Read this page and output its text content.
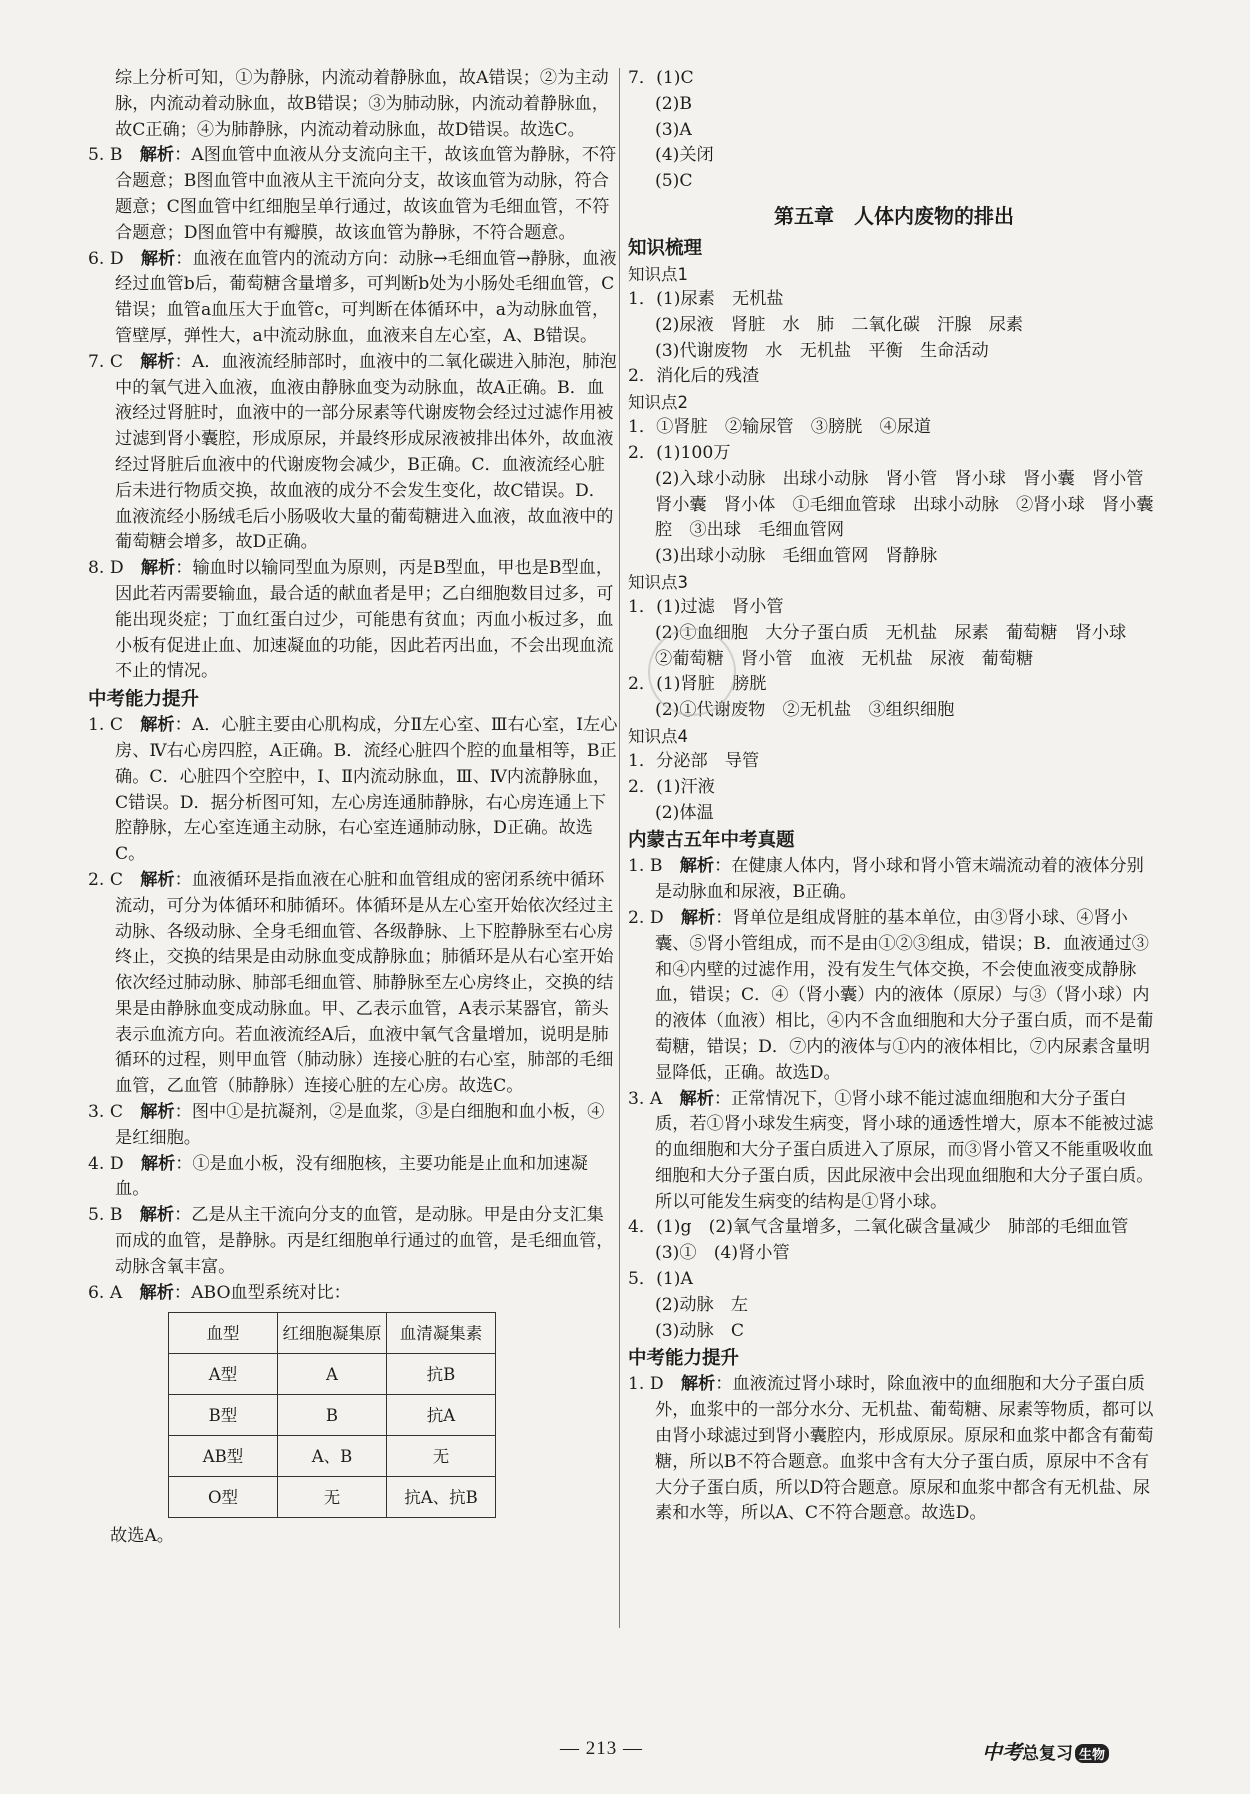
综上分析可知，①为静脉，内流动着静脉血，故A错误；②为主动脉，内流动着动脉血，故B错误；③为肺动脉，内流动着静脉血，故C正确；④为肺静脉，内流动着动脉血，故D错误。故选C。
5. B　 解析：A图血管中血液从分支流向主干，故该血管为静脉，不符合题意；B图血管中血液从主干流向分支，故该血管为动脉，符合题意；C图血管中红细胞呈单行通过，故该血管为毛细血管，不符合题意；D图血管中有瓣膜，故该血管为静脉，不符合题意。
6. D　 解析：血液在血管内的流动方向：动脉→毛细血管→静脉，血液经过血管b后，葡萄糖含量增多，可判断b处为小肠处毛细血管，C错误；血管a血压大于血管c，可判断在体循环中，a为动脉血管，管壁厚，弹性大，a中流动脉血，血液来自左心室，A、B错误。
7. C　 解析：A．血液流经肺部时，血液中的二氧化碳进入肺泡，肺泡中的氧气进入血液，血液由静脉血变为动脉血，故A正确。B．血液经过肾脏时，血液中的一部分尿素等代谢废物会经过过滤作用被过滤到肾小囊腔，形成原尿，并最终形成尿液被排出体外，故血液经过肾脏后血液中的代谢废物会减少，B正确。C．血液流经心脏后未进行物质交换，故血液的成分不会发生变化，故C错误。D．血液流经小肠绒毛后小肠吸收大量的葡萄糖进入血液，故血液中的葡萄糖会增多，故D正确。
8. D　 解析：输血时以输同型血为原则，丙是B型血，甲也是B型血，因此若丙需要输血，最合适的献血者是甲；乙白细胞数目过多，可能出现炎症；丁血红蛋白过少，可能患有贫血；丙血小板过多，血小板有促进止血、加速凝血的功能，因此若丙出血，不会出现血流不止的情况。
中考能力提升
1. C　 解析：A．心脏主要由心肌构成，分Ⅱ左心室、Ⅲ右心室，Ⅰ左心房、Ⅳ右心房四腔，A正确。B．流经心脏四个腔的血量相等，B正确。C．心脏四个空腔中，Ⅰ、Ⅱ内流动脉血，Ⅲ、Ⅳ内流静脉血，C错误。D．据分析图可知，左心房连通肺静脉，右心房连通上下腔静脉，左心室连通主动脉，右心室连通肺动脉，D正确。故选C。
2. C　 解析：血液循环是指血液在心脏和血管组成的密闭系统中循环流动，可分为体循环和肺循环。体循环是从左心室开始依次经过主动脉、各级动脉、全身毛细血管、各级静脉、上下腔静脉至右心房终止，交换的结果是由动脉血变成静脉血；肺循环是从右心室开始依次经过肺动脉、肺部毛细血管、肺静脉至左心房终止，交换的结果是由静脉血变成动脉血。甲、乙表示血管，A表示某器官，箭头表示血流方向。若血液流经A后，血液中氧气含量增加，说明是肺循环的过程，则甲血管（肺动脉）连接心脏的右心室，肺部的毛细血管，乙血管（肺静脉）连接心脏的左心房。故选C。
3. C　 解析：图中①是抗凝剂，②是血浆，③是白细胞和血小板，④是红细胞。
4. D　 解析：①是血小板，没有细胞核，主要功能是止血和加速凝血。
5. B　 解析：乙是从主干流向分支的血管，是动脉。甲是由分支汇集而成的血管，是静脉。丙是红细胞单行通过的血管，是毛细血管，动脉含氧丰富。
6. A　 解析：ABO血型系统对比：
血型	红细胞凝集原	血清凝集素
A型	A	抗B
B型	B	抗A
AB型	A、B	无
O型	无	抗A、抗B
故选A。
7．(1)C
(2)B
(3)A
(4)关闭
(5)C
第五章　人体内废物的排出
知识梳理
知识点1
1．(1)尿素　无机盐
(2)尿液　肾脏　水　肺　二氧化碳　汗腺　尿素
(3)代谢废物　水　无机盐　平衡　生命活动
2．消化后的残渣
知识点2
1．①肾脏　②输尿管　③膀胱　④尿道
2．(1)100万
(2)入球小动脉　出球小动脉　肾小管　肾小球　肾小囊　肾小管　肾小囊　肾小体　①毛细血管球　出球小动脉　②肾小球　肾小囊腔　③出球　毛细血管网
(3)出球小动脉　毛细血管网　肾静脉
知识点3
1．(1)过滤　肾小管
(2)①血细胞　大分子蛋白质　无机盐　尿素　葡萄糖　肾小球　②葡萄糖　肾小管　血液　无机盐　尿液　葡萄糖
2．(1)肾脏　膀胱
(2)①代谢废物　②无机盐　③组织细胞
知识点4
1．分泌部　导管
2．(1)汗液
(2)体温
内蒙古五年中考真题
1. B　 解析：在健康人体内，肾小球和肾小管末端流动着的液体分别是动脉血和尿液，B正确。
2. D　 解析：肾单位是组成肾脏的基本单位，由③肾小球、④肾小囊、⑤肾小管组成，而不是由①②③组成，错误；B．血液通过③和④内壁的过滤作用，没有发生气体交换，不会使血液变成静脉血，错误；C．④（肾小囊）内的液体（原尿）与③（肾小球）内的液体（血液）相比，④内不含血细胞和大分子蛋白质，而不是葡萄糖，错误；D．⑦内的液体与①内的液体相比，⑦内尿素含量明显降低，正确。故选D。
3. A　 解析：正常情况下，①肾小球不能过滤血细胞和大分子蛋白质，若①肾小球发生病变，肾小球的通透性增大，原本不能被过滤的血细胞和大分子蛋白质进入了原尿，而③肾小管又不能重吸收血细胞和大分子蛋白质，因此尿液中会出现血细胞和大分子蛋白质。所以可能发生病变的结构是①肾小球。
4．(1)g　(2)氧气含量增多，二氧化碳含量减少　肺部的毛细血管　(3)①　(4)肾小管
5．(1)A
(2)动脉　左
(3)动脉　C
中考能力提升
1. D　 解析：血液流过肾小球时，除血液中的血细胞和大分子蛋白质外，血浆中的一部分水分、无机盐、葡萄糖、尿素等物质，都可以由肾小球滤过到肾小囊腔内，形成原尿。原尿和血浆中都含有葡萄糖，所以B不符合题意。血浆中含有大分子蛋白质，原尿中不含有大分子蛋白质，所以D符合题意。原尿和血浆中都含有无机盐、尿素和水等，所以A、C不符合题意。故选D。
— 213 —	中考总复习 生物
